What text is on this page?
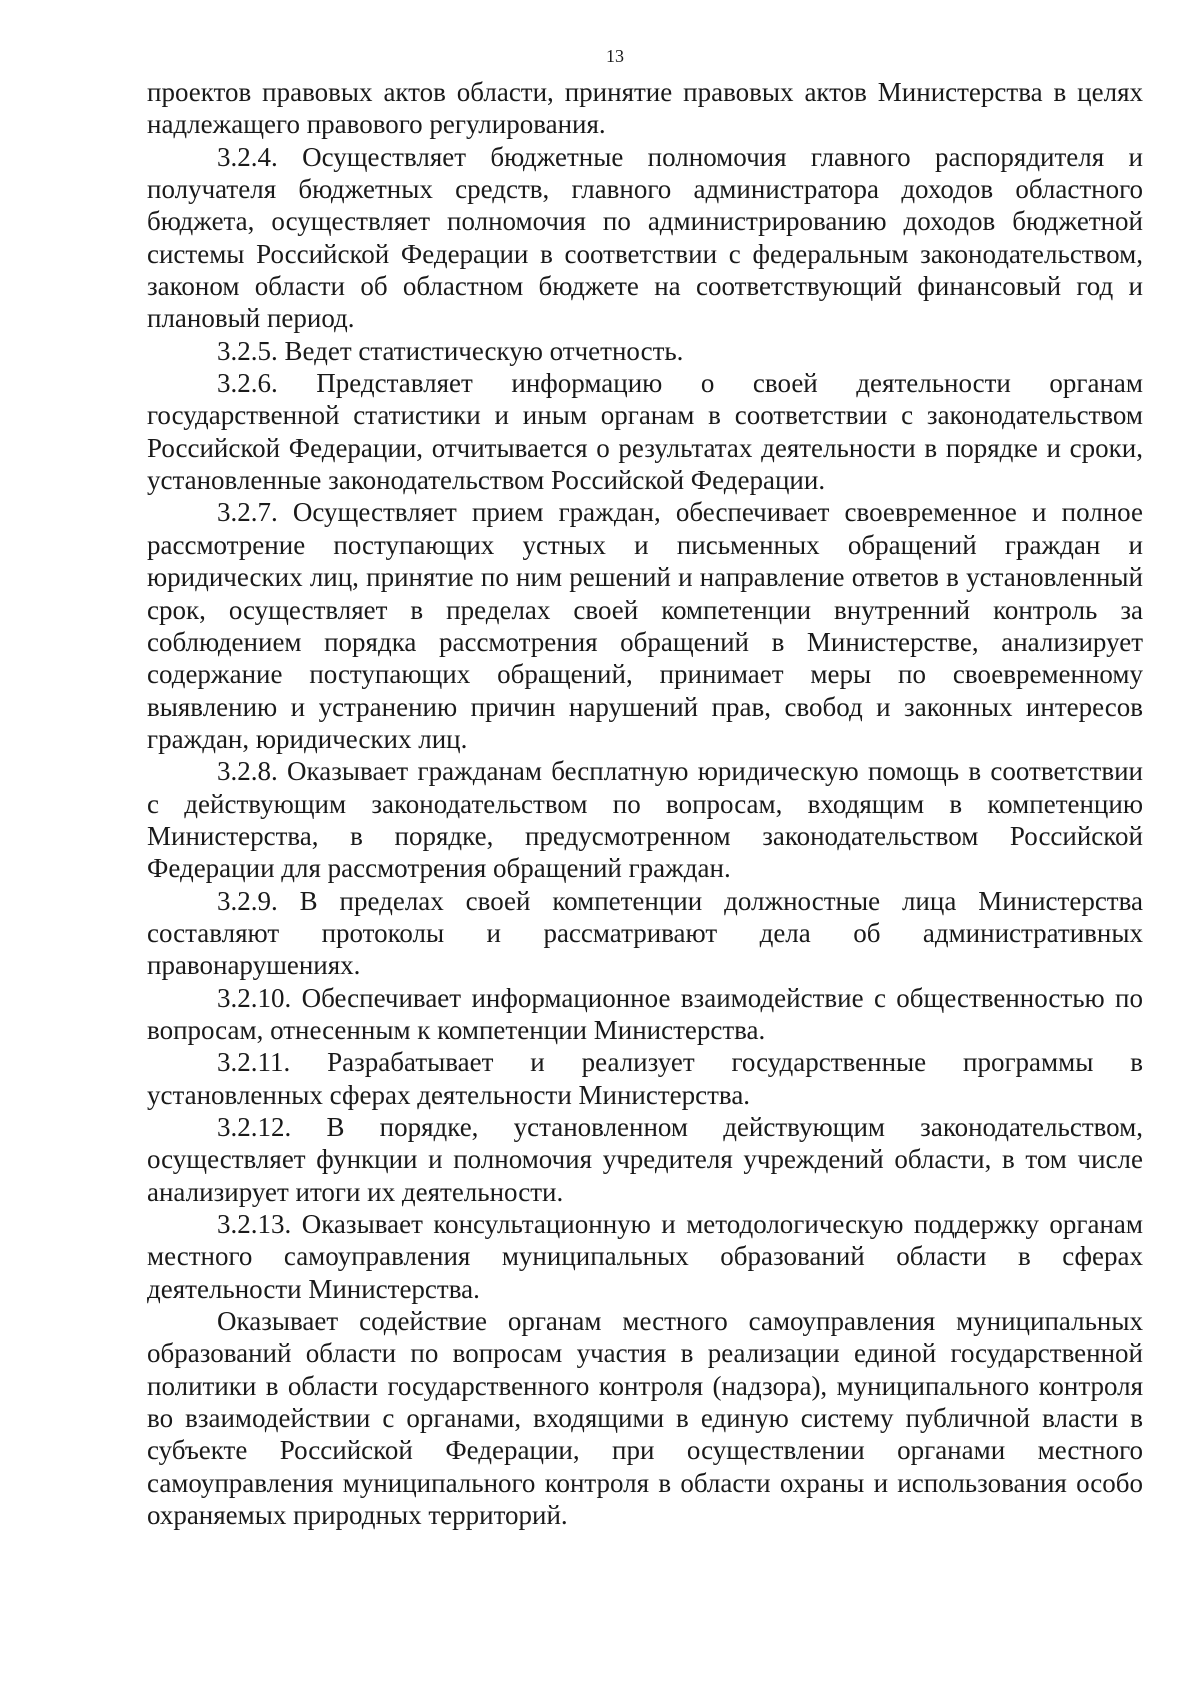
13

проектов правовых актов области, принятие правовых актов Министерства в целях надлежащего правового регулирования.

3.2.4. Осуществляет бюджетные полномочия главного распорядителя и получателя бюджетных средств, главного администратора доходов областного бюджета, осуществляет полномочия по администрированию доходов бюджетной системы Российской Федерации в соответствии с федеральным законодательством, законом области об областном бюджете на соответствующий финансовый год и плановый период.

3.2.5. Ведет статистическую отчетность.

3.2.6. Представляет информацию о своей деятельности органам государственной статистики и иным органам в соответствии с законодательством Российской Федерации, отчитывается о результатах деятельности в порядке и сроки, установленные законодательством Российской Федерации.

3.2.7. Осуществляет прием граждан, обеспечивает своевременное и полное рассмотрение поступающих устных и письменных обращений граждан и юридических лиц, принятие по ним решений и направление ответов в установленный срок, осуществляет в пределах своей компетенции внутренний контроль за соблюдением порядка рассмотрения обращений в Министерстве, анализирует содержание поступающих обращений, принимает меры по своевременному выявлению и устранению причин нарушений прав, свобод и законных интересов граждан, юридических лиц.

3.2.8. Оказывает гражданам бесплатную юридическую помощь в соответствии с действующим законодательством по вопросам, входящим в компетенцию Министерства, в порядке, предусмотренном законодательством Российской Федерации для рассмотрения обращений граждан.

3.2.9. В пределах своей компетенции должностные лица Министерства составляют протоколы и рассматривают дела об административных правонарушениях.

3.2.10. Обеспечивает информационное взаимодействие с общественностью по вопросам, отнесенным к компетенции Министерства.

3.2.11. Разрабатывает и реализует государственные программы в установленных сферах деятельности Министерства.

3.2.12. В порядке, установленном действующим законодательством, осуществляет функции и полномочия учредителя учреждений области, в том числе анализирует итоги их деятельности.

3.2.13. Оказывает консультационную и методологическую поддержку органам местного самоуправления муниципальных образований области в сферах деятельности Министерства.

Оказывает содействие органам местного самоуправления муниципальных образований области по вопросам участия в реализации единой государственной политики в области государственного контроля (надзора), муниципального контроля во взаимодействии с органами, входящими в единую систему публичной власти в субъекте Российской Федерации, при осуществлении органами местного самоуправления муниципального контроля в области охраны и использования особо охраняемых природных территорий.
